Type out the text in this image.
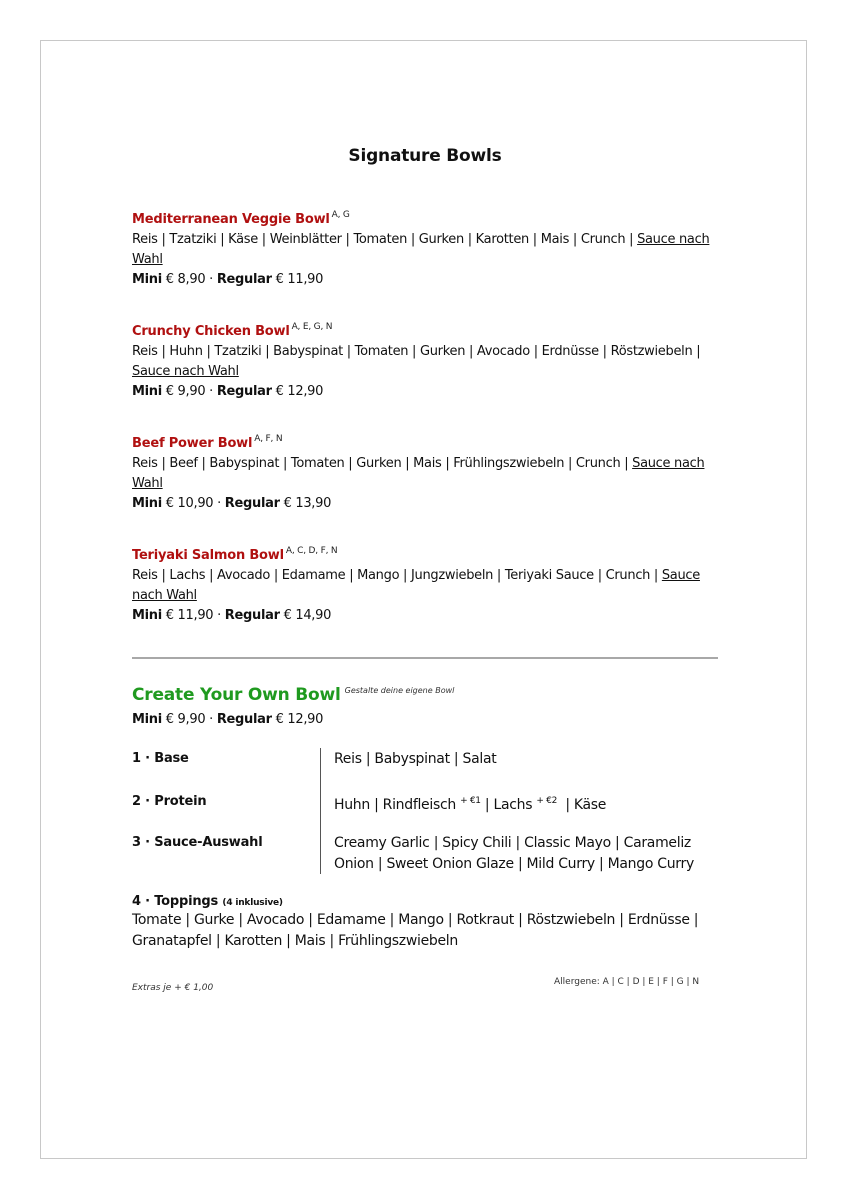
Signature Bowls
Mediterranean Veggie Bowl $^{A, G}$
Reis | Tzatziki | Käse | Weinblätter | Tomaten | Gurken | Karotten | Mais | Crunch | Sauce nach Wahl
Mini € 8,90 · Regular € 11,90
Crunchy Chicken Bowl $^{A, E, G, N}$
Reis | Huhn | Tzatziki | Babyspinat | Tomaten | Gurken | Avocado | Erdnüsse | Röstzwiebeln | Sauce nach Wahl
Mini € 9,90 · Regular € 12,90
Beef Power Bowl $^{A, F, N}$
Reis | Beef | Babyspinat | Tomaten | Gurken | Mais | Frühlingszwiebeln | Crunch | Sauce nach Wahl
Mini € 10,90 · Regular € 13,90
Teriyaki Salmon Bowl $^{A, C, D, F, N}$
Reis | Lachs | Avocado | Edamame | Mango | Jungzwiebeln | Teriyaki Sauce | Crunch | Sauce nach Wahl
Mini € 11,90 · Regular € 14,90
Create Your Own Bowl $^{Gestalte deine eigene Bowl}$
Mini € 9,90 · Regular € 12,90
1 · Base	Reis | Babyspinat | Salat
2 · Protein	Huhn | Rindfleisch $^{+ €1}$ | Lachs $^{+ €2}$  | Käse
3 · Sauce-Auswahl	Creamy Garlic | Spicy Chili | Classic Mayo | Carameliz Onion | Sweet Onion Glaze | Mild Curry | Mango Curry
4 · Toppings (4 inklusive)
Tomate | Gurke | Avocado | Edamame | Mango | Rotkraut | Röstzwiebeln | Erdnüsse | Granatapfel | Karotten | Mais | Frühlingszwiebeln
Extras je + € 1,00
Allergene: A | C | D | E | F | G | N
